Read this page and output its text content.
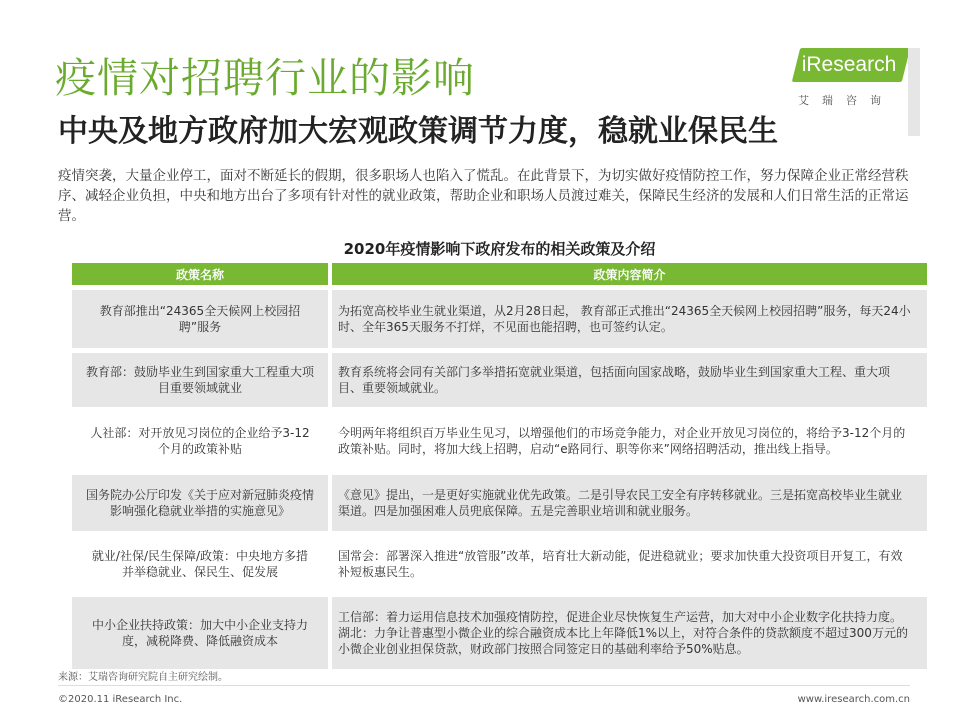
疫情对招聘行业的影响
中央及地方政府加大宏观政策调节力度，稳就业保民生
iResearch
艾瑞咨询

疫情突袭，大量企业停工，面对不断延长的假期，很多职场人也陷入了慌乱。在此背景下，为切实做好疫情防控工作，努力保障企业正常经营秩序、减轻企业负担，中央和地方出台了多项有针对性的就业政策，帮助企业和职场人员渡过难关，保障民生经济的发展和人们日常生活的正常运营。

2020年疫情影响下政府发布的相关政策及介绍
政策名称	政策内容简介
教育部推出“24365全天候网上校园招聘”服务
为拓宽高校毕业生就业渠道，从2月28日起， 教育部正式推出“24365全天候网上校园招聘”服务，每天24小时、全年365天服务不打烊，不见面也能招聘，也可签约认定。
教育部：鼓励毕业生到国家重大工程重大项目重要领域就业
教育系统将会同有关部门多举措拓宽就业渠道，包括面向国家战略，鼓励毕业生到国家重大工程、重大项目、重要领域就业。
人社部：对开放见习岗位的企业给予3-12个月的政策补贴
今明两年将组织百万毕业生见习，以增强他们的市场竞争能力，对企业开放见习岗位的，将给予3-12个月的政策补贴。同时，将加大线上招聘，启动“e路同行、职等你来”网络招聘活动，推出线上指导。
国务院办公厅印发《关于应对新冠肺炎疫情影响强化稳就业举措的实施意见》
《意见》提出，一是更好实施就业优先政策。二是引导农民工安全有序转移就业。三是拓宽高校毕业生就业渠道。四是加强困难人员兜底保障。五是完善职业培训和就业服务。
就业/社保/民生保障/政策：中央地方多措并举稳就业、保民生、促发展
国常会：部署深入推进“放管服”改革，培育壮大新动能，促进稳就业；要求加快重大投资项目开复工，有效补短板惠民生。
中小企业扶持政策：加大中小企业支持力度，减税降费、降低融资成本
工信部：着力运用信息技术加强疫情防控，促进企业尽快恢复生产运营，加大对中小企业数字化扶持力度。
湖北：力争让普惠型小微企业的综合融资成本比上年降低1%以上，对符合条件的贷款额度不超过300万元的小微企业创业担保贷款，财政部门按照合同签定日的基础利率给予50%贴息。
来源：艾瑞咨询研究院自主研究绘制。
©2020.11 iResearch Inc.	www.iresearch.com.cn
